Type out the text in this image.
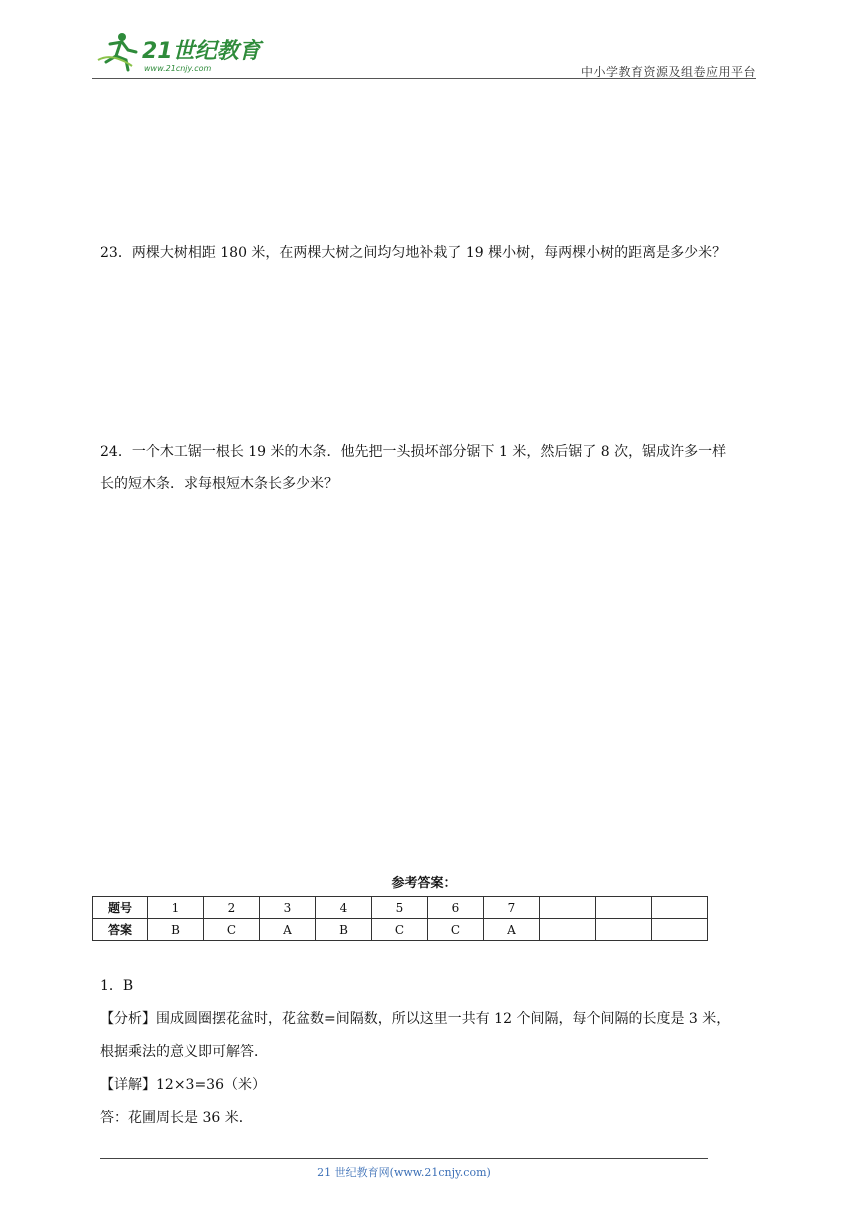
21世纪教育
www.21cnjy.com	中小学教育资源及组卷应用平台
23．两棵大树相距 180 米，在两棵大树之间均匀地补栽了 19 棵小树，每两棵小树的距离是多少米？
24．一个木工锯一根长 19 米的木条．他先把一头损坏部分锯下 1 米，然后锯了 8 次，锯成许多一样
长的短木条．求每根短木条长多少米？
参考答案：
题号	1	2	3	4	5	6	7			
答案	B	C	A	B	C	C	A			

1．B

【分析】围成圆圈摆花盆时，花盆数=间隔数，所以这里一共有 12 个间隔，每个间隔的长度是 3 米，

根据乘法的意义即可解答．

【详解】12×3=36（米）

答：花圃周长是 36 米．

21 世纪教育网(www.21cnjy.com)
